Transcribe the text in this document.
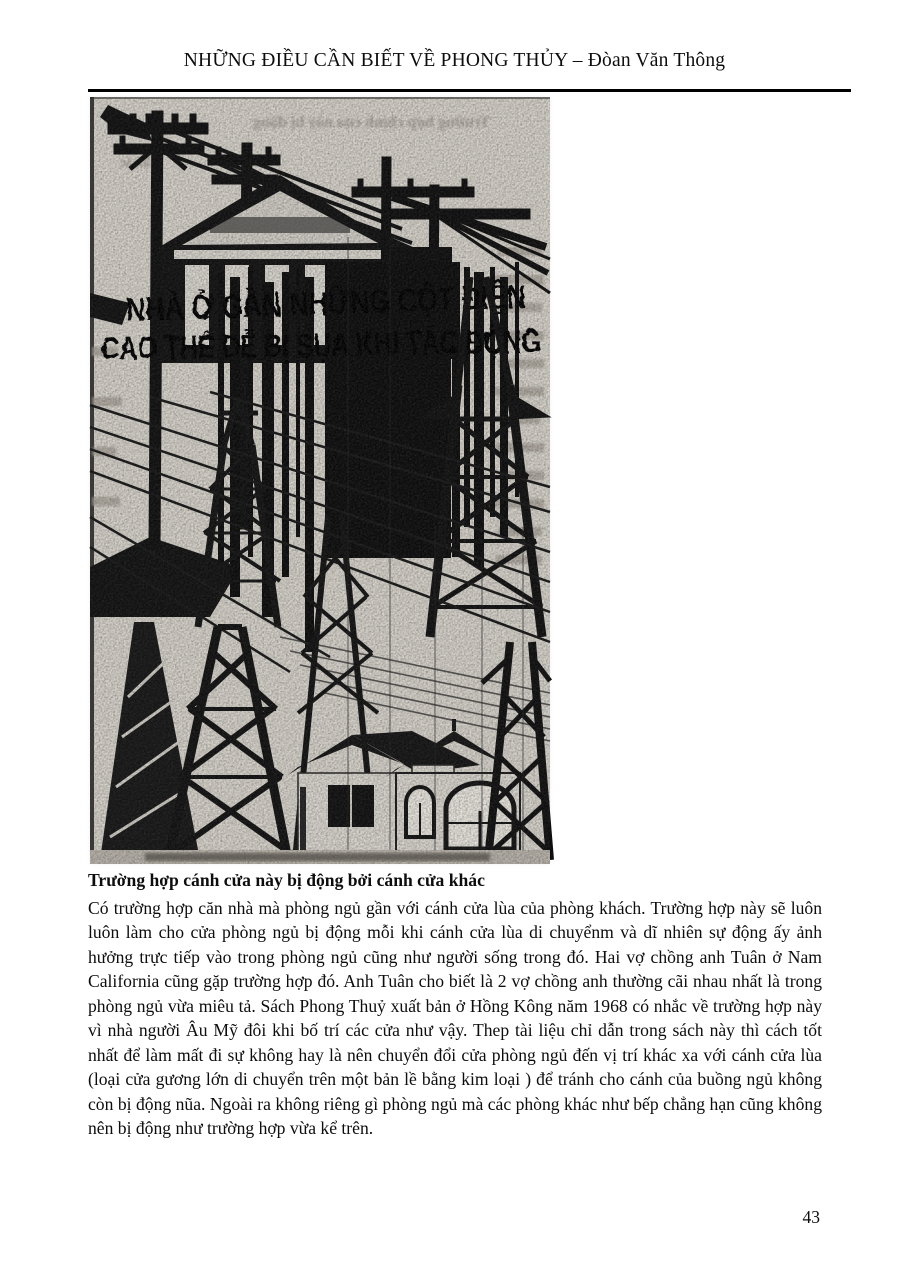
NHỮNG ĐIỀU CẦN BIẾT VỀ PHONG THỦY – Đòan Văn Thông
Trường hợp cánh cửa này bị động bởi cánh cửa khác
Có trường hợp căn nhà mà phòng ngủ gần với cánh cửa lùa của phòng khách. Trường hợp này sẽ luôn luôn làm cho cửa phòng ngủ bị động mỗi khi cánh cửa lùa di chuyểnm và dĩ nhiên sự động ấy ảnh hưởng trực tiếp vào trong phòng ngủ cũng như người sống trong đó. Hai vợ chồng anh Tuân ở Nam California cũng gặp trường hợp đó. Anh Tuân cho biết là 2 vợ chồng anh thường cãi nhau nhất là trong phòng ngủ vừa miêu tả. Sách Phong Thuỷ xuất bản ở Hồng Kông năm 1968 có nhắc về trường hợp này vì nhà người Âu Mỹ đôi khi bố trí các cửa như vậy. Thep tài liệu chỉ dẫn trong sách này thì cách tốt nhất để làm mất đi sự không hay là nên chuyển đổi cửa phòng ngủ đến vị trí khác xa với cánh cửa lùa (loại cửa gương lớn di chuyển trên một bản lề bằng kim loại ) để tránh cho cánh của buồng ngủ không còn bị động nũa. Ngoài ra không riêng gì phòng ngủ mà các phòng khác như bếp chẳng hạn cũng không nên bị động như trường hợp vừa kể trên.
43
